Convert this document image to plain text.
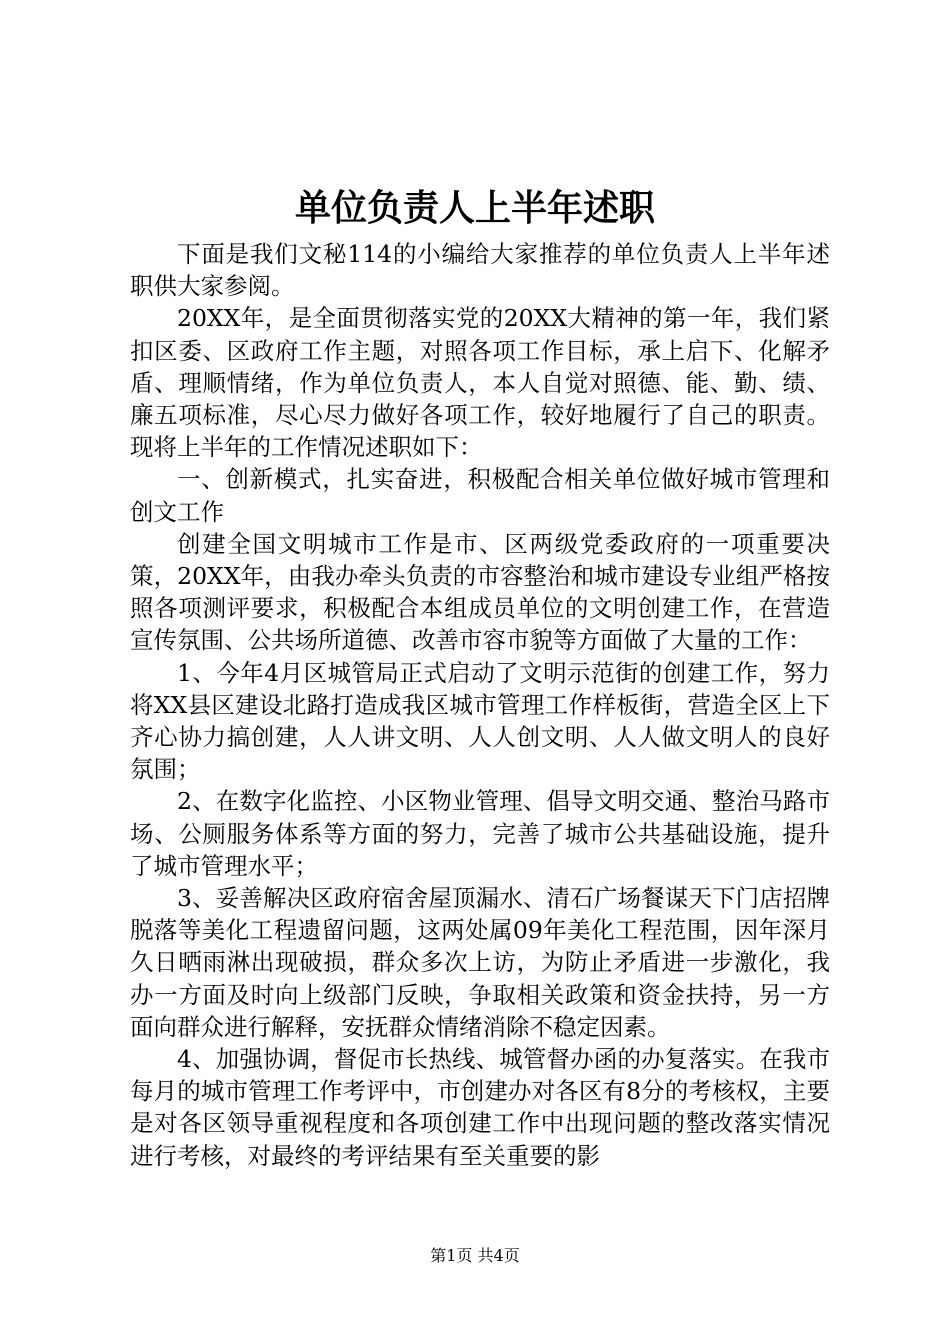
单位负责人上半年述职

下面是我们文秘114的小编给大家推荐的单位负责人上半年述职供大家参阅。

20XX年，是全面贯彻落实党的20XX大精神的第一年，我们紧扣区委、区政府工作主题，对照各项工作目标，承上启下、化解矛盾、理顺情绪，作为单位负责人，本人自觉对照德、能、勤、绩、廉五项标准，尽心尽力做好各项工作，较好地履行了自己的职责。现将上半年的工作情况述职如下：

一、创新模式，扎实奋进，积极配合相关单位做好城市管理和创文工作

创建全国文明城市工作是市、区两级党委政府的一项重要决策，20XX年，由我办牵头负责的市容整治和城市建设专业组严格按照各项测评要求，积极配合本组成员单位的文明创建工作，在营造宣传氛围、公共场所道德、改善市容市貌等方面做了大量的工作：

1、今年4月区城管局正式启动了文明示范街的创建工作，努力将XX县区建设北路打造成我区城市管理工作样板街，营造全区上下齐心协力搞创建，人人讲文明、人人创文明、人人做文明人的良好氛围；

2、在数字化监控、小区物业管理、倡导文明交通、整治马路市场、公厕服务体系等方面的努力，完善了城市公共基础设施，提升了城市管理水平；

3、妥善解决区政府宿舍屋顶漏水、清石广场餐谋天下门店招牌脱落等美化工程遗留问题，这两处属09年美化工程范围，因年深月久日晒雨淋出现破损，群众多次上访，为防止矛盾进一步激化，我办一方面及时向上级部门反映，争取相关政策和资金扶持，另一方面向群众进行解释，安抚群众情绪消除不稳定因素。

4、加强协调，督促市长热线、城管督办函的办复落实。在我市每月的城市管理工作考评中，市创建办对各区有8分的考核权，主要是对各区领导重视程度和各项创建工作中出现问题的整改落实情况进行考核，对最终的考评结果有至关重要的影

第1页 共4页
